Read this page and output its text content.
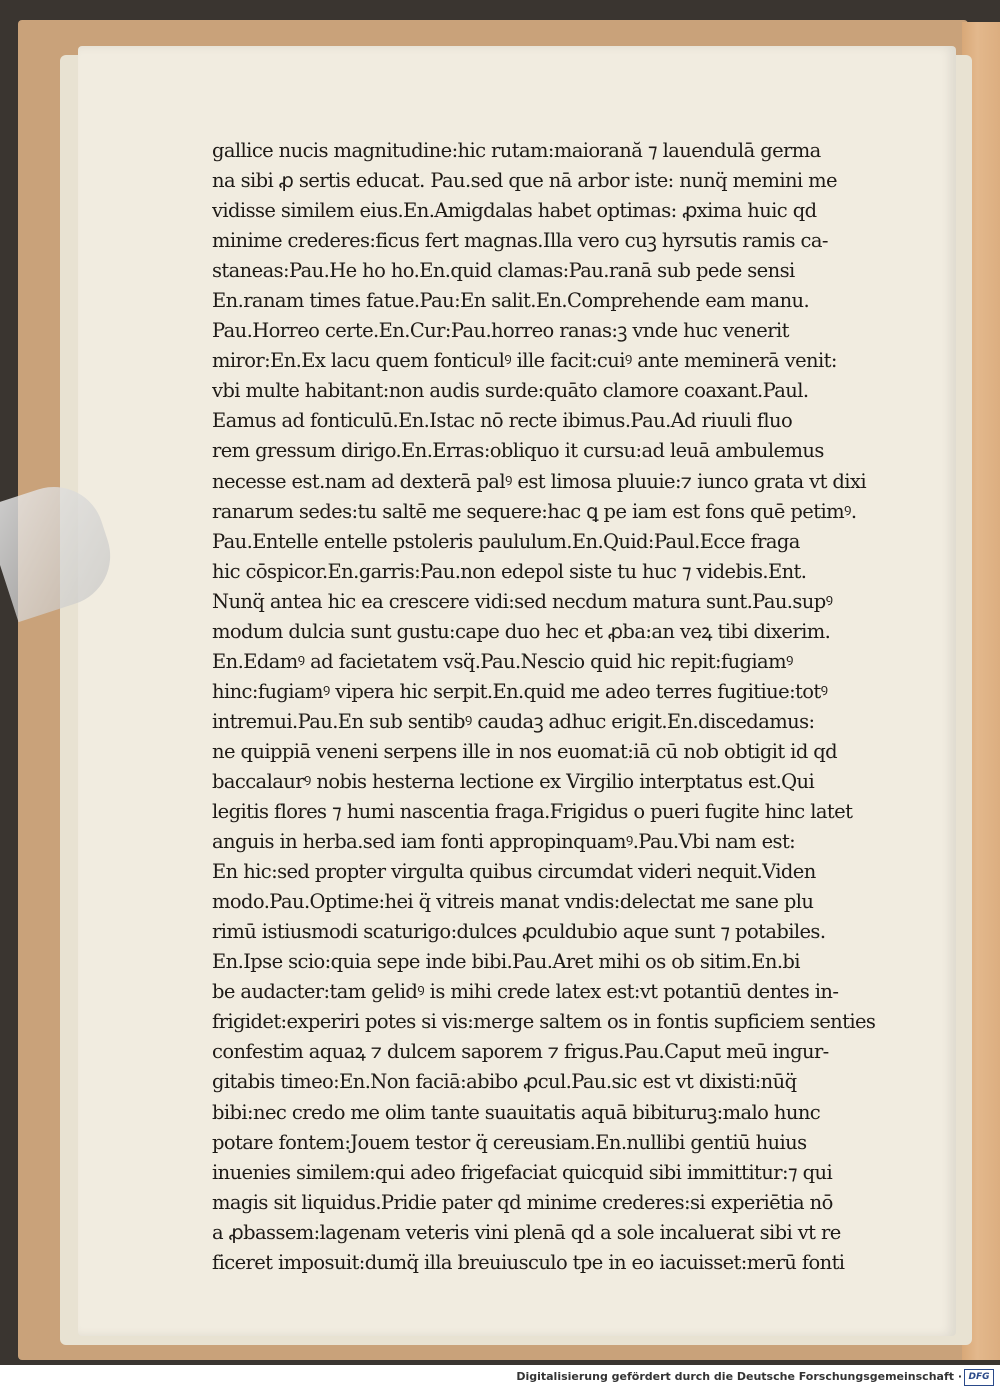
gallice nucis magnitudine:hic rutam:maiorană ⁊ lauendulā germa
na sibi ꝓ sertis educat. Pau.sed que nā arbor iste: nunq̈ memini me
vidisse similem eius.En.Amigdalas habet optimas: ꝓxima huic qd
minime crederes:ficus fert magnas.Illa vero cuꝫ hyrsutis ramis ca-
staneas:Pau.He ho ho.En.quid clamas:Pau.ranā sub pede sensi
En.ranam times fatue.Pau:En salit.En.Comprehende eam manu.
Pau.Horreo certe.En.Cur:Pau.horreo ranas:ꝫ vnde huc venerit
miror:En.Ex lacu quem fonticulꝰ ille facit:cuiꝰ ante meminerā venit:
vbi multe habitant:non audis surde:quāto clamore coaxant.Paul.
Eamus ad fonticulū.En.Istac nō recte ibimus.Pau.Ad riuuli fluo
rem gressum dirigo.En.Erras:obliquo it cursu:ad leuā ambulemus
necesse est.nam ad dexterā palꝰ est limosa pluuie:⁊ iunco grata vt dixi
ranarum sedes:tu saltē me sequere:hac ꝗ pe iam est fons quē petimꝰ.
Pau.Entelle entelle pstoleris paululum.En.Quid:Paul.Ecce fraga
hic cōspicor.En.garris:Pau.non edepol siste tu huc ⁊ videbis.Ent.
Nunq̈ antea hic ea crescere vidi:sed necdum matura sunt.Pau.supꝰ
modum dulcia sunt gustu:cape duo hec et ꝓba:an veꝝ tibi dixerim.
En.Edamꝰ ad facietatem vsq̈.Pau.Nescio quid hic repit:fugiamꝰ
hinc:fugiamꝰ vipera hic serpit.En.quid me adeo terres fugitiue:totꝰ
intremui.Pau.En sub sentibꝰ caudaꝫ adhuc erigit.En.discedamus:
ne quippiā veneni serpens ille in nos euomat:iā cū nob obtigit id qd
baccalaurꝰ nobis hesterna lectione ex Virgilio interptatus est.Qui
legitis flores ⁊ humi nascentia fraga.Frigidus o pueri fugite hinc latet
anguis in herba.sed iam fonti appropinquamꝰ.Pau.Vbi nam est:
En hic:sed propter virgulta quibus circumdat videri nequit.Viden
modo.Pau.Optime:hei q̈ vitreis manat vndis:delectat me sane plu
rimū istiusmodi scaturigo:dulces ꝓculdubio aque sunt ⁊ potabiles.
En.Ipse scio:quia sepe inde bibi.Pau.Aret mihi os ob sitim.En.bi
be audacter:tam gelidꝰ is mihi crede latex est:vt potantiū dentes in-
frigidet:experiri potes si vis:merge saltem os in fontis supficiem senties
confestim aquaꝝ ⁊ dulcem saporem ⁊ frigus.Pau.Caput meū ingur-
gitabis timeo:En.Non faciā:abibo ꝓcul.Pau.sic est vt dixisti:nūq̈
bibi:nec credo me olim tante suauitatis aquā bibituruꝫ:malo hunc
potare fontem:Jouem testor q̈ cereusiam.En.nullibi gentiū huius
inuenies similem:qui adeo frigefaciat quicquid sibi immittitur:⁊ qui
magis sit liquidus.Pridie pater qd minime crederes:si experiētia nō
a ꝓbassem:lagenam veteris vini plenā qd a sole incaluerat sibi vt re
ficeret imposuit:dumq̈ illa breuiusculo tpe in eo iacuisset:merū fonti
Digitalisierung gefördert durch die Deutsche Forschungsgemeinschaft · DFG
